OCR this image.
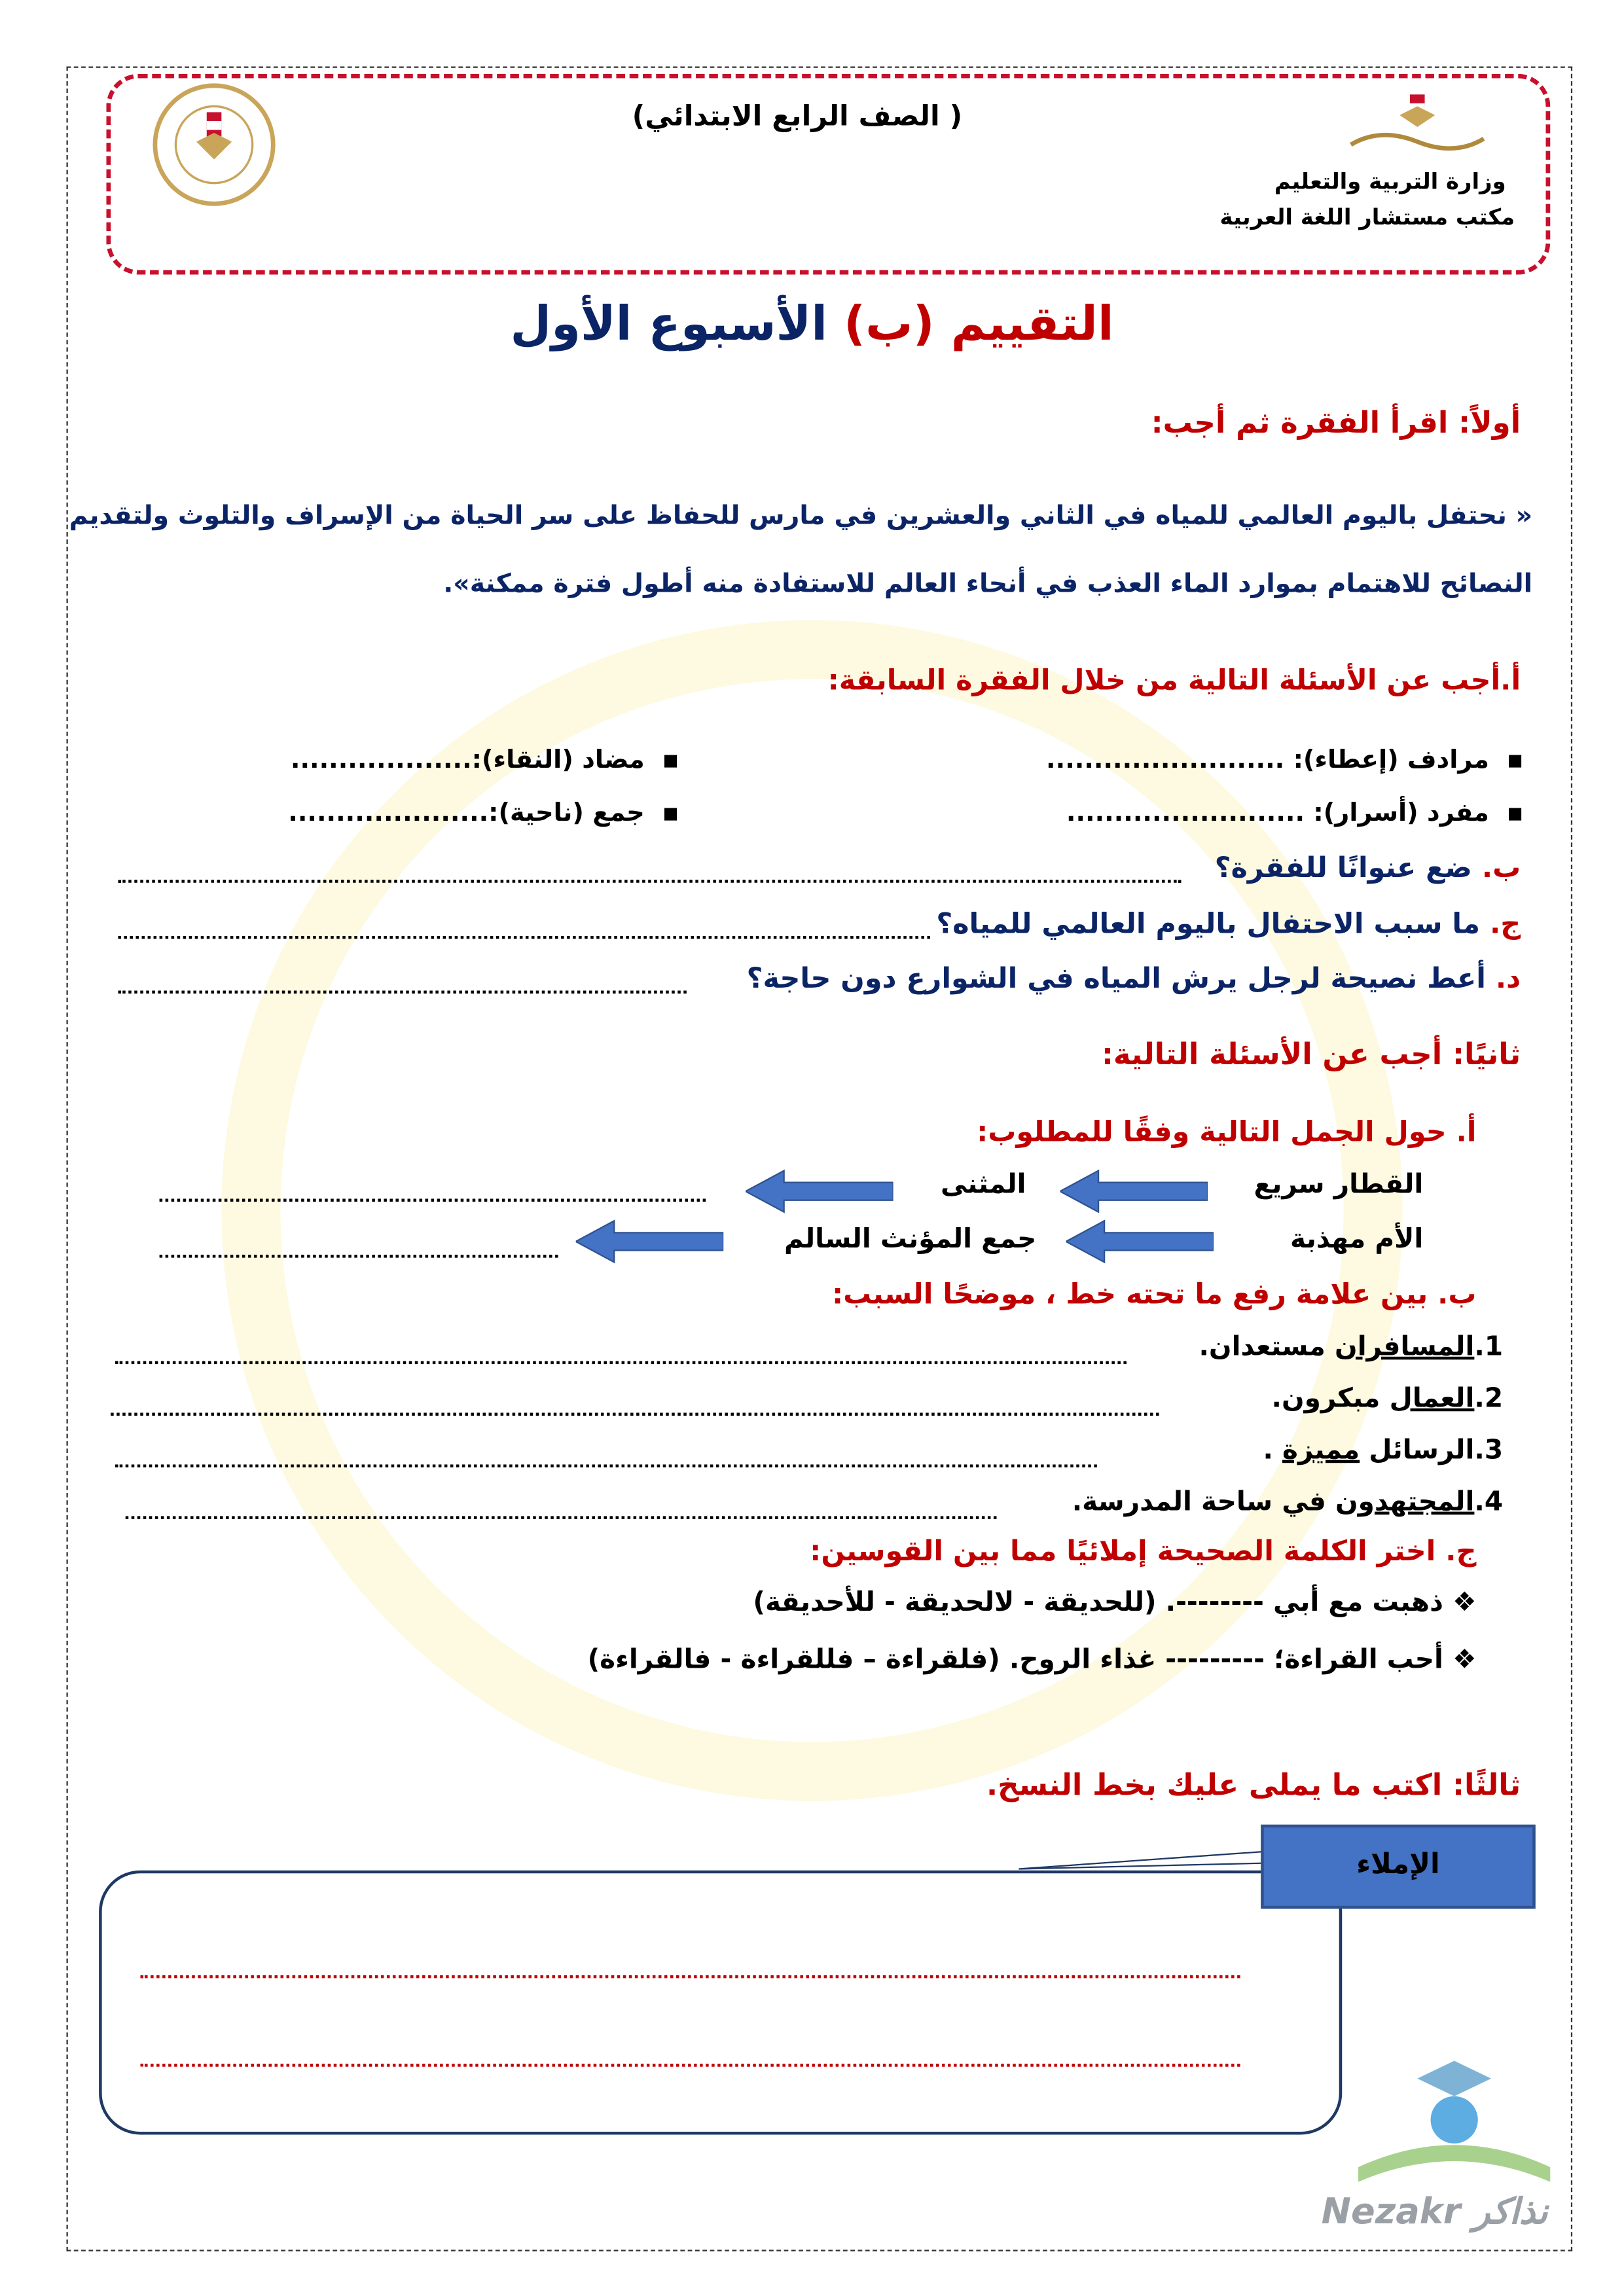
( الصف الرابع الابتدائي)
وزارة التربية والتعليم
مكتب مستشار اللغة العربية
التقييم (ب) الأسبوع الأول
أولاً: اقرأ الفقرة ثم أجب:
« نحتفل باليوم العالمي للمياه في الثاني والعشرين في مارس للحفاظ على سر الحياة من الإسراف والتلوث ولتقديم
النصائح للاهتمام بموارد الماء العذب في أنحاء العالم للاستفادة منه أطول فترة ممكنة».
أ.أجب عن الأسئلة التالية من خلال الفقرة السابقة:
▪  مرادف (إعطاء): .........................
▪  مضاد (النقاء):...................
▪  مفرد (أسرار): .........................
▪  جمع (ناحية):.....................
ب. ضع عنوانًا للفقرة؟
ج. ما سبب الاحتفال باليوم العالمي للمياه؟
د. أعط نصيحة لرجل يرش المياه في الشوارع دون حاجة؟
ثانيًا: أجب عن الأسئلة التالية:
أ. حول الجمل التالية وفقًا للمطلوب:
القطار سريع
المثنى
الأم مهذبة
جمع المؤنث السالم
ب. بين علامة رفع ما تحته خط ، موضحًا السبب:
1.المسافران مستعدان.
2.العمال مبكرون.
3.الرسائل مميزة .
4.المجتهدون في ساحة المدرسة.
ج. اختر الكلمة الصحيحة إملائيًا مما بين القوسين:
❖ ذهبت مع أبي --------. (للحديقة - لالحديقة - للأحديقة)
❖ أحب القراءة؛ --------- غذاء الروح. (فلقراءة – فللقراءة - فالقراءة)
ثالثًا: اكتب ما يملى عليك بخط النسخ.
الإملاء
Nezakr نذاكر
